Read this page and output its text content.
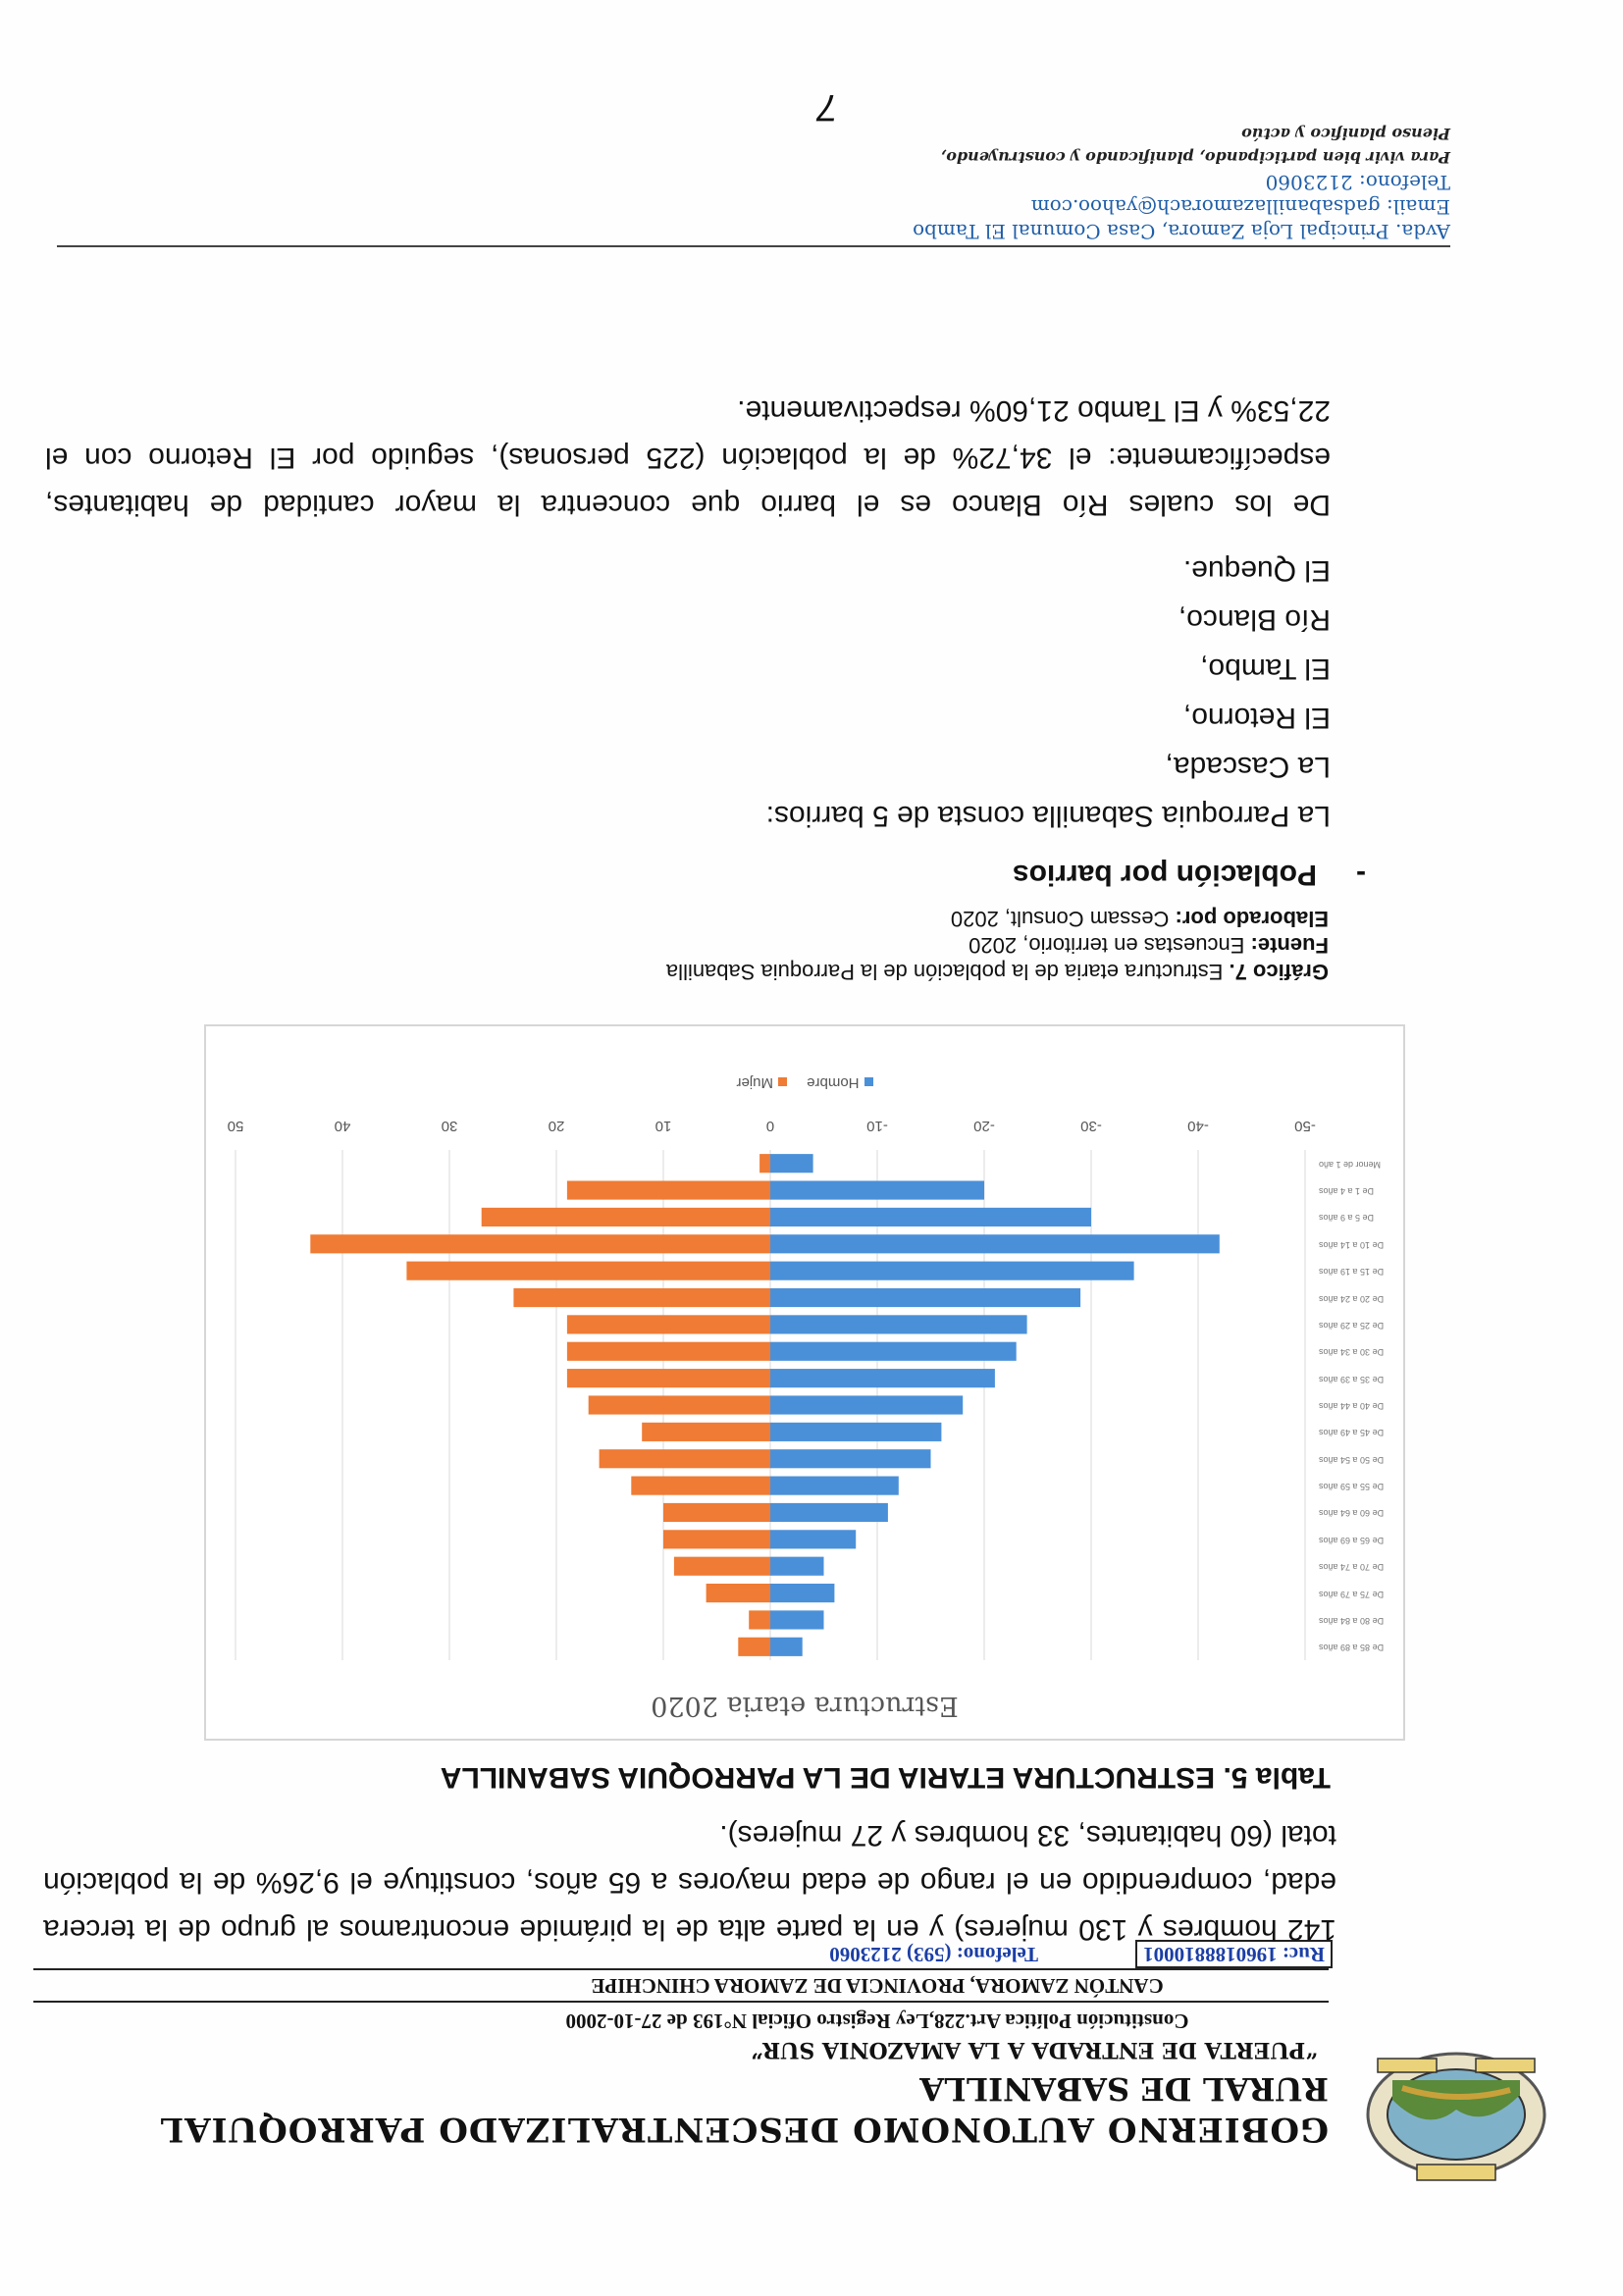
GOBIERNO AUTONOMO DESCENTRALIZADO PARROQUIAL
RURAL DE SABANILLA
“PUERTA DE ENTRADA A LA AMAZONIA SUR”
Constitución Política Art.228,Ley Registro Oficial N°193 de 27-10-2000
CANTÓN ZAMORA, PROVINCIA DE ZAMORA CHINCHIPE
Ruc: 1960188810001
Telefono: (593) 2123060
142 hombres y 130 mujeres) y en la parte alta de la pirámide encontramos al grupo de la tercera edad, comprendido en el rango de edad mayores a 65 años, constituye el 9,26% de la población total (60 habitantes, 33 hombres y 27 mujeres).
Tabla 5. ESTRUCTURA ETARIA DE LA PARROQUIA SABANILLA
Estructura etaria 2020
Menor de 1 año
De 1 a 4 años
De 5 a 9 años
De 10 a 14 años
De 15 a 19 años
De 20 a 24 años
De 25 a 29 años
De 30 a 34 años
De 35 a 39 años
De 40 a 44 años
De 45 a 49 años
De 50 a 54 años
De 55 a 59 años
De 60 a 64 años
De 65 a 69 años
De 70 a 74 años
De 75 a 79 años
De 80 a 84 años
De 85 a 89 años
-50
-40
-30
-20
-10
0
10
20
30
40
50
Hombre Mujer
Gráfico 7. Estructura etaria de la población de la Parroquia Sabanilla
Fuente: Encuestas en territorio, 2020
Elaborado por: Cessam Consult, 2020
-Población por barrios
La Parroquia Sabanilla consta de 5 barrios:
La Cascada,
El Retorno,
El Tambo,
Río Blanco,
El Queque.
De los cuales Río Blanco es el barrio que concentra la mayor cantidad de habitantes, específicamente: el 34,72% de la población (225 personas), seguido por El Retorno con el 22,53% y El Tambo 21,60% respectivamente.
Avda. Principal Loja Zamora, Casa Comunal El Tambo
Email: gadsabanillazamorach@yahoo.com
Telefono: 2123060
Para vivir bien participando, planificando y construyendo,
Pienso planifico y actúo
7
